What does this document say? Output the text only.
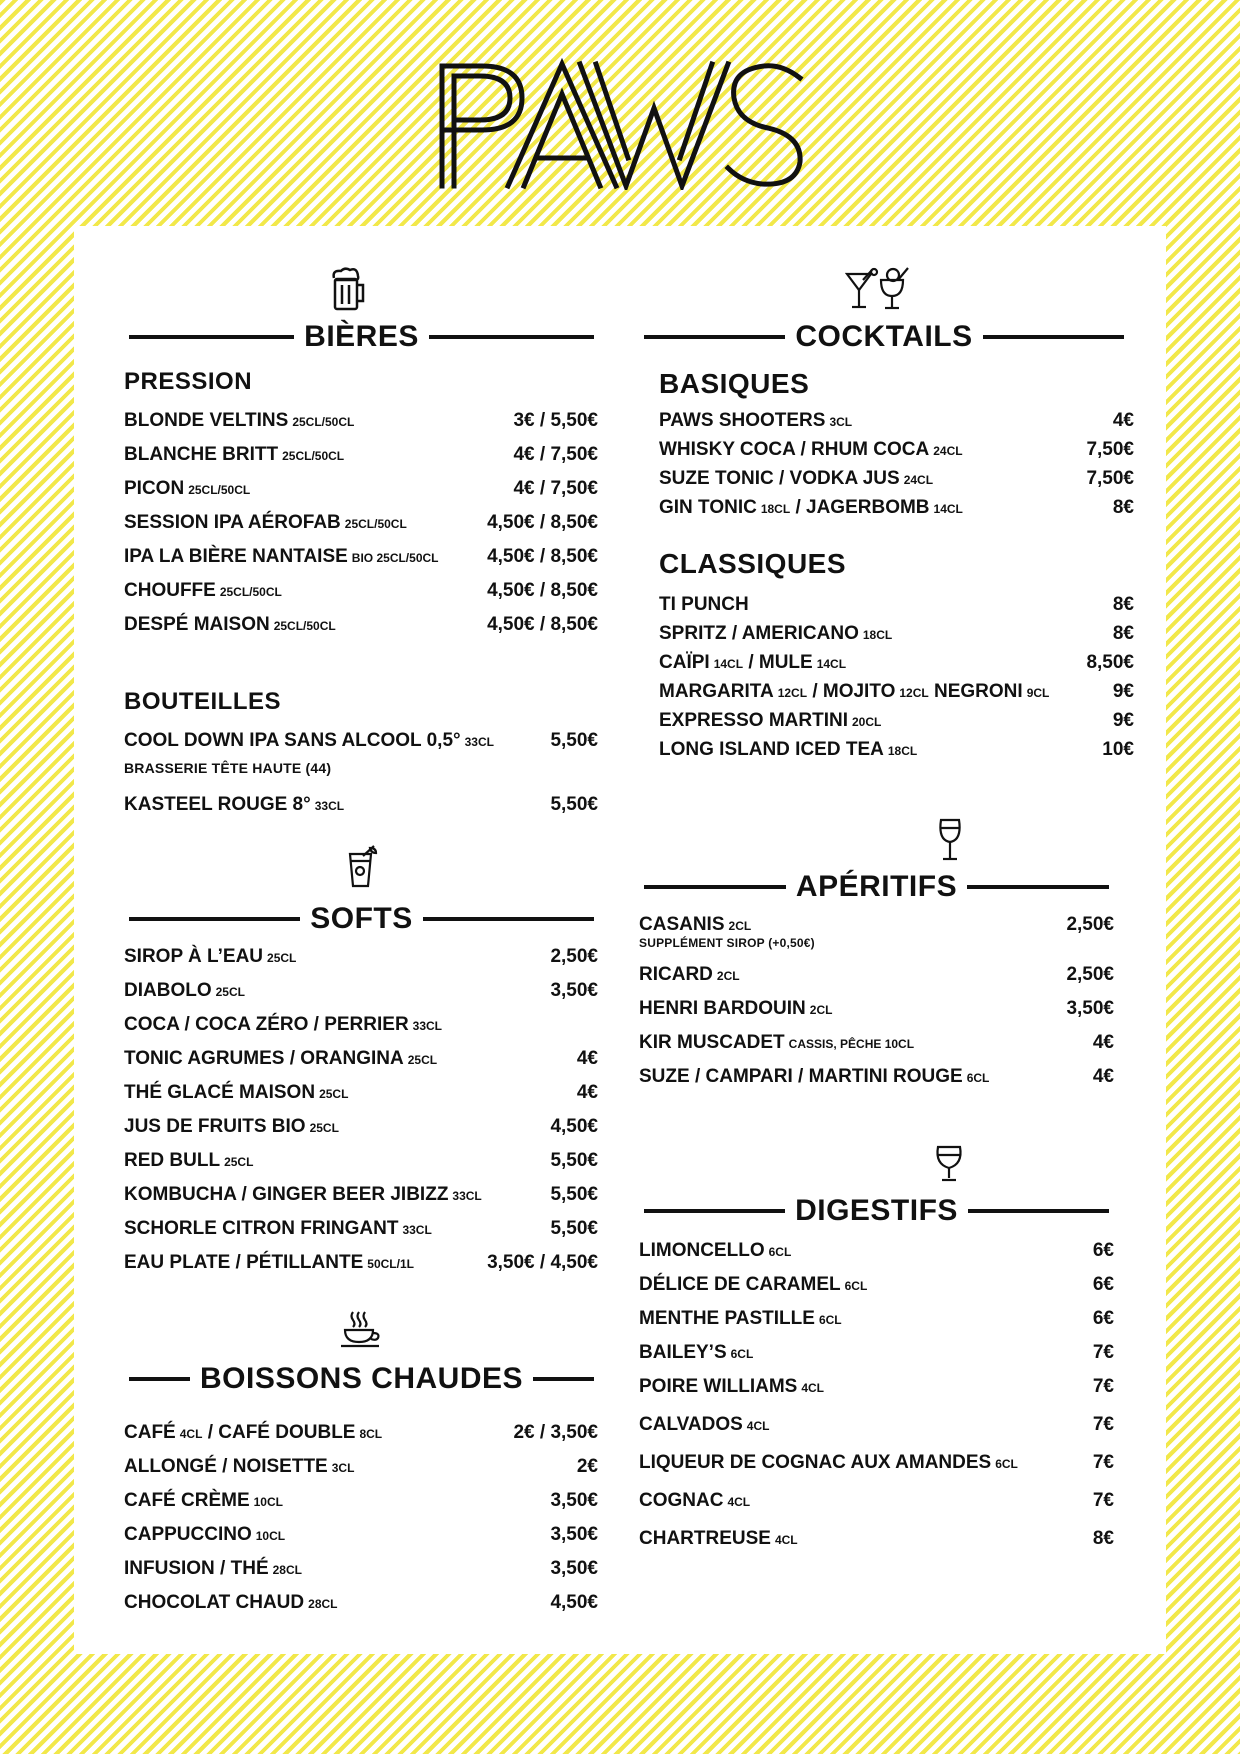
BIÈRES
PRESSION
BLONDE VELTINS 25CL/50CL	3€ / 5,50€
BLANCHE BRITT 25CL/50CL	4€ / 7,50€
PICON 25CL/50CL	4€ / 7,50€
SESSION IPA AÉROFAB 25CL/50CL	4,50€ / 8,50€
IPA LA BIÈRE NANTAISE BIO 25CL/50CL	4,50€ / 8,50€
CHOUFFE 25CL/50CL	4,50€ / 8,50€
DESPÉ MAISON 25CL/50CL	4,50€ / 8,50€
BOUTEILLES
COOL DOWN IPA SANS ALCOOL 0,5° 33CL	5,50€
BRASSERIE TÊTE HAUTE (44)
KASTEEL ROUGE 8° 33CL	5,50€
SOFTS
SIROP À L’EAU 25CL	2,50€
DIABOLO 25CL	3,50€
COCA / COCA ZÉRO / PERRIER 33CL
TONIC AGRUMES / ORANGINA 25CL	4€
THÉ GLACÉ MAISON 25CL	4€
JUS DE FRUITS BIO 25CL	4,50€
RED BULL 25CL	5,50€
KOMBUCHA / GINGER BEER JIBIZZ 33CL	5,50€
SCHORLE CITRON FRINGANT 33CL	5,50€
EAU PLATE / PÉTILLANTE 50CL/1L	3,50€ / 4,50€
BOISSONS CHAUDES
CAFÉ 4CL / CAFÉ DOUBLE 8CL	2€ / 3,50€
ALLONGÉ / NOISETTE 3CL	2€
CAFÉ CRÈME 10CL	3,50€
CAPPUCCINO 10CL	3,50€
INFUSION / THÉ 28CL	3,50€
CHOCOLAT CHAUD 28CL	4,50€
COCKTAILS
BASIQUES
PAWS SHOOTERS 3CL	4€
WHISKY COCA / RHUM COCA 24CL	7,50€
SUZE TONIC / VODKA JUS 24CL	7,50€
GIN TONIC 18CL / JAGERBOMB 14CL	8€
CLASSIQUES
TI PUNCH	8€
SPRITZ / AMERICANO 18CL	8€
CAÏPI 14CL / MULE 14CL	8,50€
MARGARITA 12CL / MOJITO 12CL NEGRONI 9CL	9€
EXPRESSO MARTINI 20CL	9€
LONG ISLAND ICED TEA 18CL	10€
APÉRITIFS
CASANIS 2CL	2,50€
SUPPLÉMENT SIROP (+0,50€)
RICARD 2CL	2,50€
HENRI BARDOUIN 2CL	3,50€
KIR MUSCADET CASSIS, PÊCHE 10CL	4€
SUZE / CAMPARI / MARTINI ROUGE 6CL	4€
DIGESTIFS
LIMONCELLO 6CL	6€
DÉLICE DE CARAMEL 6CL	6€
MENTHE PASTILLE 6CL	6€
BAILEY’S 6CL	7€
POIRE WILLIAMS 4CL	7€
CALVADOS 4CL	7€
LIQUEUR DE COGNAC AUX AMANDES 6CL	7€
COGNAC 4CL	7€
CHARTREUSE 4CL	8€
